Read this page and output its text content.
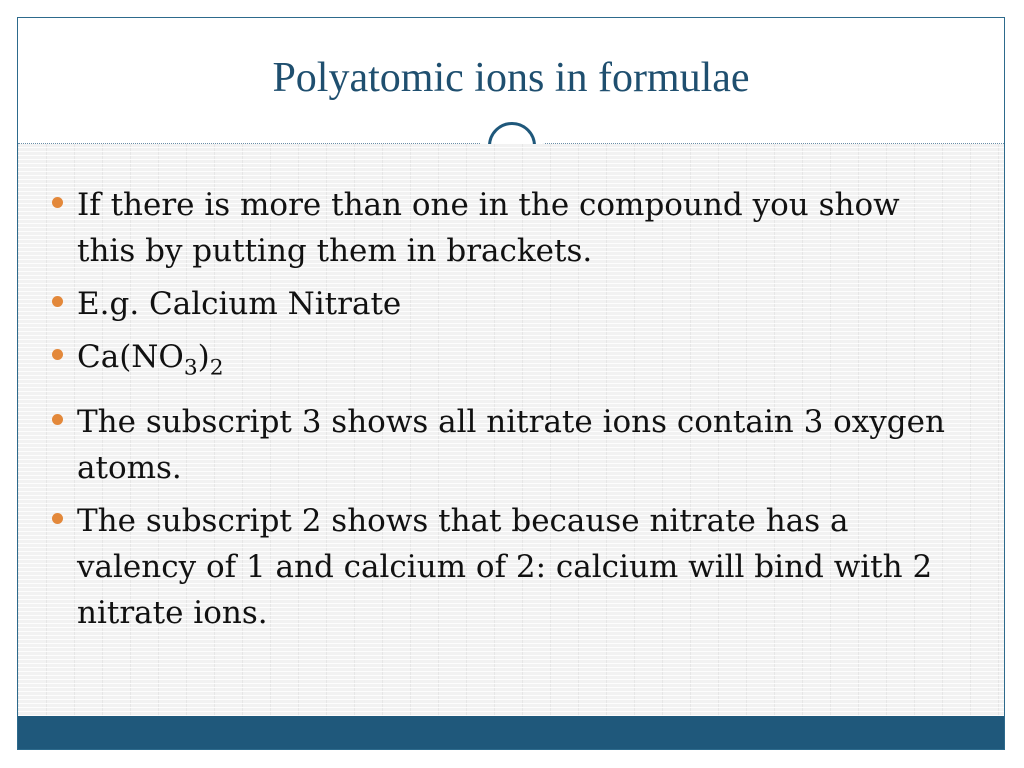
Polyatomic ions in formulae
If there is more than one in the compound you show this by putting them in brackets.
E.g. Calcium Nitrate
$Ca(NO_3)_2$
The subscript 3 shows all nitrate ions contain 3 oxygen atoms.
The subscript 2 shows that because nitrate has a valency of 1 and calcium of 2: calcium will bind with 2 nitrate ions.
